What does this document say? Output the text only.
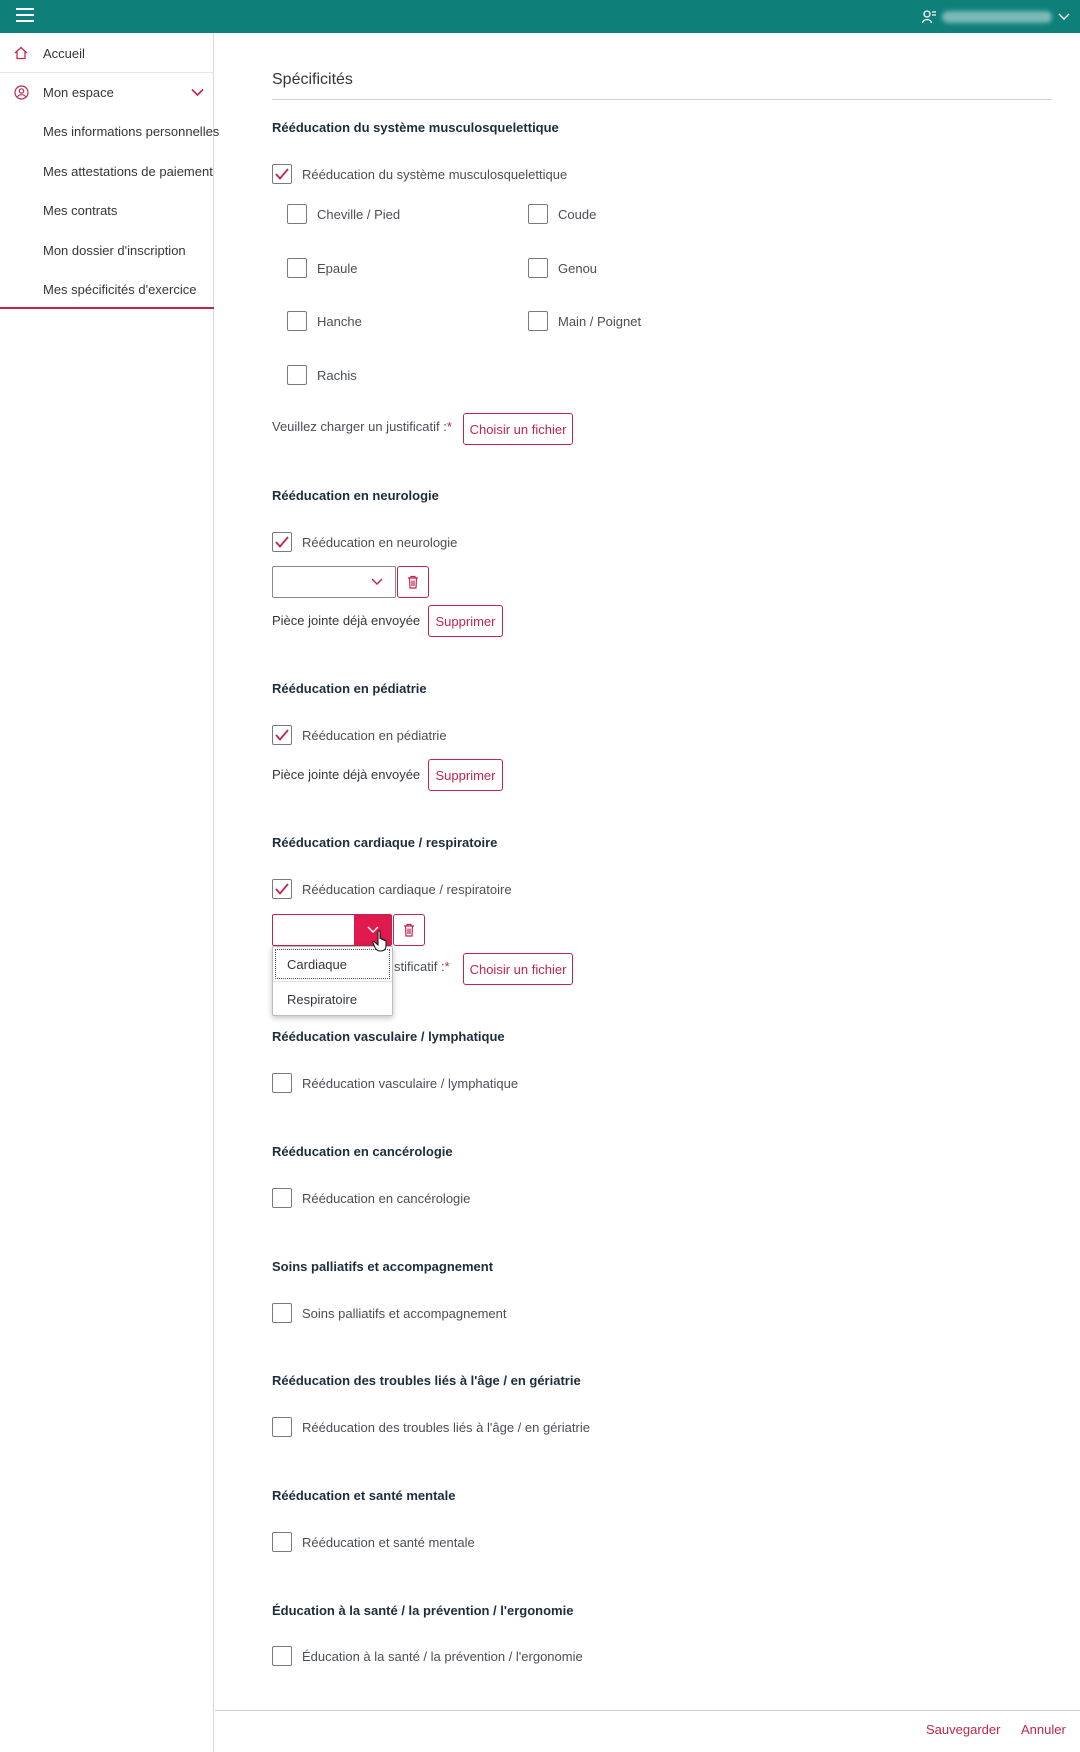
Accueil
Mon espace
Mes informations personnelles
Mes attestations de paiement
Mes contrats
Mon dossier d'inscription
Mes spécificités d'exercice
Spécificités
Rééducation du système musculosquelettique
Rééducation du système musculosquelettique
Cheville / Pied	Coude
Epaule	Genou
Hanche	Main / Poignet
Rachis
Veuillez charger un justificatif :*	Choisir un fichier
Rééducation en neurologie
Rééducation en neurologie
Pièce jointe déjà envoyée	Supprimer
Rééducation en pédiatrie
Rééducation en pédiatrie
Pièce jointe déjà envoyée	Supprimer
Rééducation cardiaque / respiratoire
Rééducation cardiaque / respiratoire
stificatif :*	Choisir un fichier
Cardiaque
Respiratoire
Rééducation vasculaire / lymphatique
Rééducation vasculaire / lymphatique
Rééducation en cancérologie
Rééducation en cancérologie
Soins palliatifs et accompagnement
Soins palliatifs et accompagnement
Rééducation des troubles liés à l'âge / en gériatrie
Rééducation des troubles liés à l'âge / en gériatrie
Rééducation et santé mentale
Rééducation et santé mentale
Éducation à la santé / la prévention / l'ergonomie
Éducation à la santé / la prévention / l'ergonomie
Sauvegarder Annuler
